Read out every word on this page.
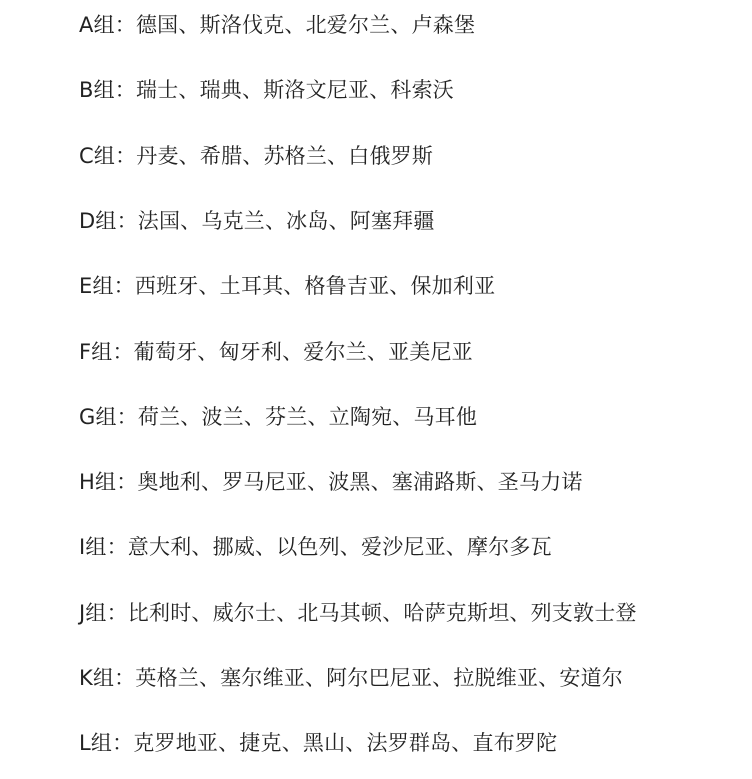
A组：德国、斯洛伐克、北爱尔兰、卢森堡
B组：瑞士、瑞典、斯洛文尼亚、科索沃
C组：丹麦、希腊、苏格兰、白俄罗斯
D组：法国、乌克兰、冰岛、阿塞拜疆
E组：西班牙、土耳其、格鲁吉亚、保加利亚
F组：葡萄牙、匈牙利、爱尔兰、亚美尼亚
G组：荷兰、波兰、芬兰、立陶宛、马耳他
H组：奥地利、罗马尼亚、波黑、塞浦路斯、圣马力诺
I组：意大利、挪威、以色列、爱沙尼亚、摩尔多瓦
J组：比利时、威尔士、北马其顿、哈萨克斯坦、列支敦士登
K组：英格兰、塞尔维亚、阿尔巴尼亚、拉脱维亚、安道尔
L组：克罗地亚、捷克、黑山、法罗群岛、直布罗陀
